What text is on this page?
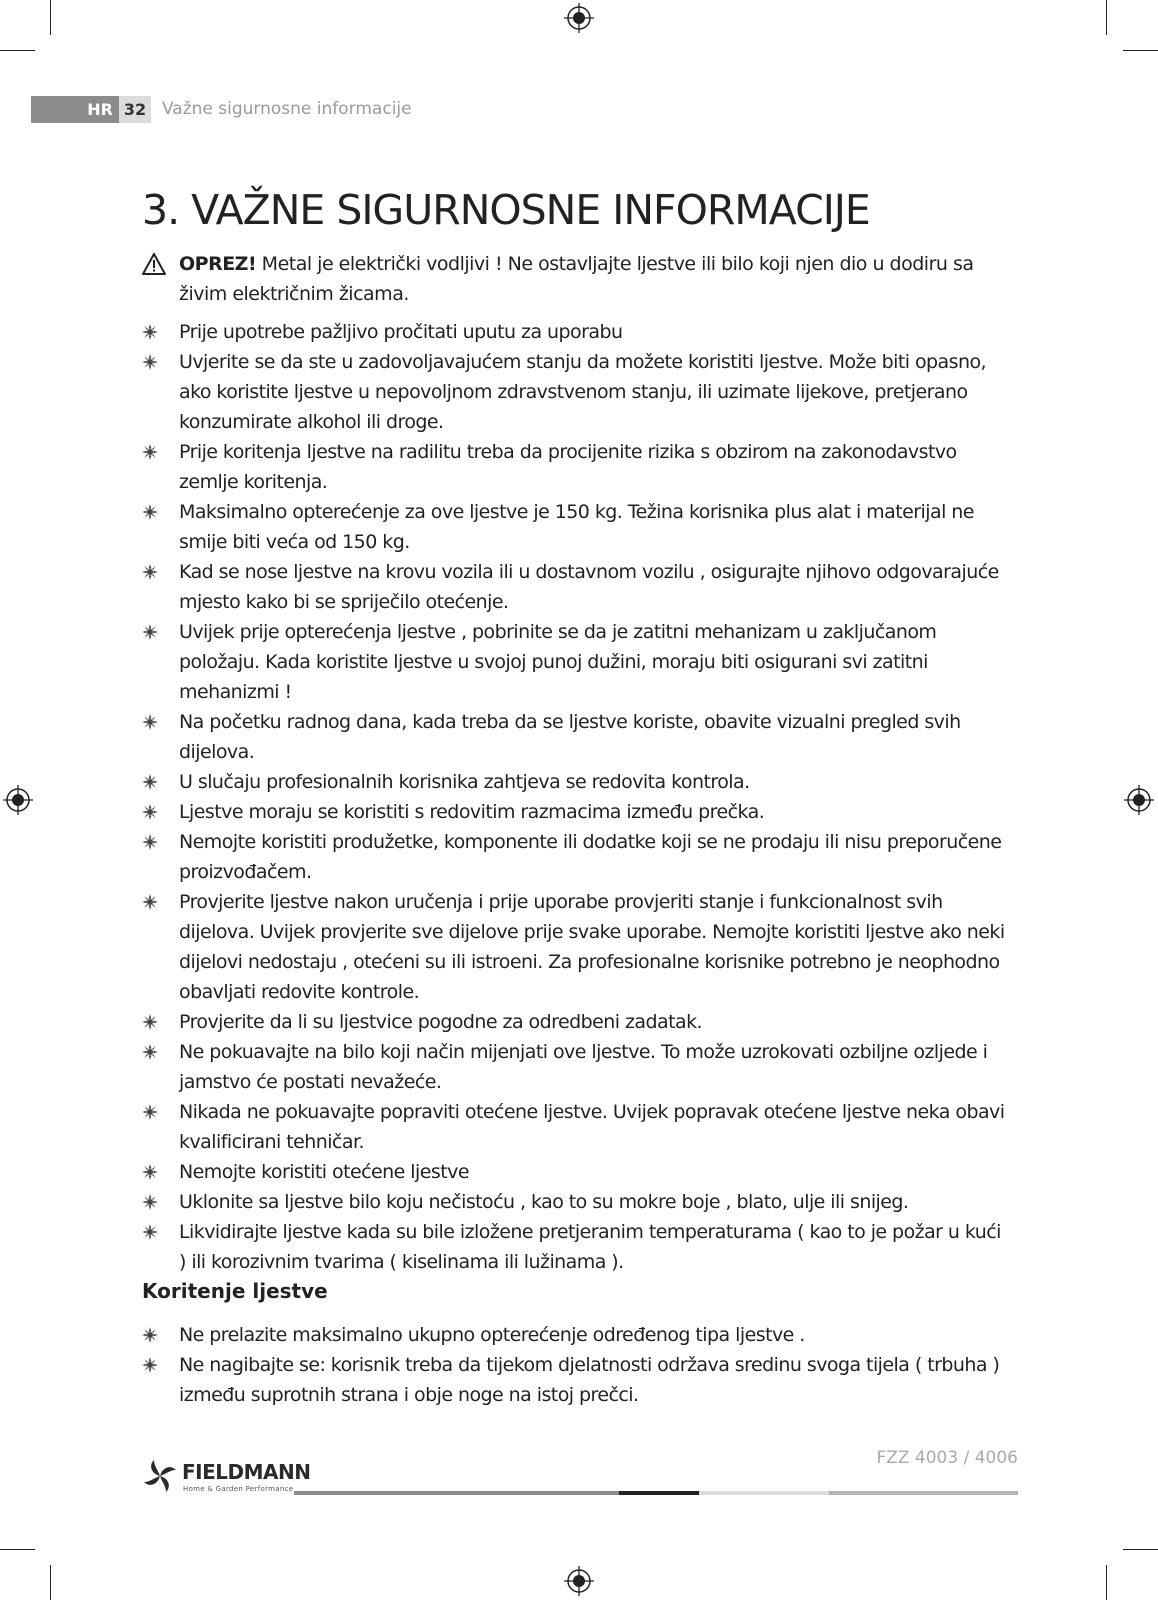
HR 32 Važne sigurnosne informacije
3. VAŽNE SIGURNOSNE INFORMACIJE
OPREZ! Metal je električki vodljivi ! Ne ostavljajte ljestve ili bilo koji njen dio u dodiru sa živim električnim žicama.
Prije upotrebe pažljivo pročitati uputu za uporabu
Uvjerite se da ste u zadovoljavajućem stanju da možete koristiti ljestve. Može biti opasno, ako koristite ljestve u nepovoljnom zdravstvenom stanju, ili uzimate lijekove, pretjerano konzumirate alkohol ili droge.
Prije koritenja ljestve na radilitu treba da procijenite rizika s obzirom na zakonodavstvo zemlje koritenja.
Maksimalno opterećenje za ove ljestve je 150 kg. Težina korisnika plus alat i materijal ne smije biti veća od 150 kg.
Kad se nose ljestve na krovu vozila ili u dostavnom vozilu , osigurajte njihovo odgovarajuće mjesto kako bi se spriječilo otećenje.
Uvijek prije opterećenja ljestve , pobrinite se da je zatitni mehanizam u zaključanom položaju. Kada koristite ljestve u svojoj punoj dužini, moraju biti osigurani svi zatitni mehanizmi !
Na početku radnog dana, kada treba da se ljestve koriste, obavite vizualni pregled svih dijelova.
U slučaju profesionalnih korisnika zahtjeva se redovita kontrola.
Ljestve moraju se koristiti s redovitim razmacima između prečka.
Nemojte koristiti produžetke, komponente ili dodatke koji se ne prodaju ili nisu preporučene proizvođačem.
Provjerite ljestve nakon uručenja i prije uporabe provjeriti stanje i funkcionalnost svih dijelova. Uvijek provjerite sve dijelove prije svake uporabe. Nemojte koristiti ljestve ako neki dijelovi nedostaju , otećeni su ili istroeni. Za profesionalne korisnike potrebno je neophodno obavljati redovite kontrole.
Provjerite da li su ljestvice pogodne za odredbeni zadatak.
Ne pokuavajte na bilo koji način mijenjati ove ljestve. To može uzrokovati ozbiljne ozljede i jamstvo će postati nevažeće.
Nikada ne pokuavajte popraviti otećene ljestve. Uvijek popravak otećene ljestve neka obavi kvalificirani tehničar.
Nemojte koristiti otećene ljestve
Uklonite sa ljestve bilo koju nečistoću , kao to su mokre boje , blato, ulje ili snijeg.
Likvidirajte ljestve kada su bile izložene pretjeranim temperaturama ( kao to je požar u kući ) ili korozivnim tvarima ( kiselinama ili lužinama ).
Koritenje ljestve
Ne prelazite maksimalno ukupno opterećenje određenog tipa ljestve .
Ne nagibajte se: korisnik treba da tijekom djelatnosti održava sredinu svoga tijela ( trbuha ) između suprotnih strana i obje noge na istoj prečci.
FIELDMANN
Home & Garden Performance
FZZ 4003 / 4006
